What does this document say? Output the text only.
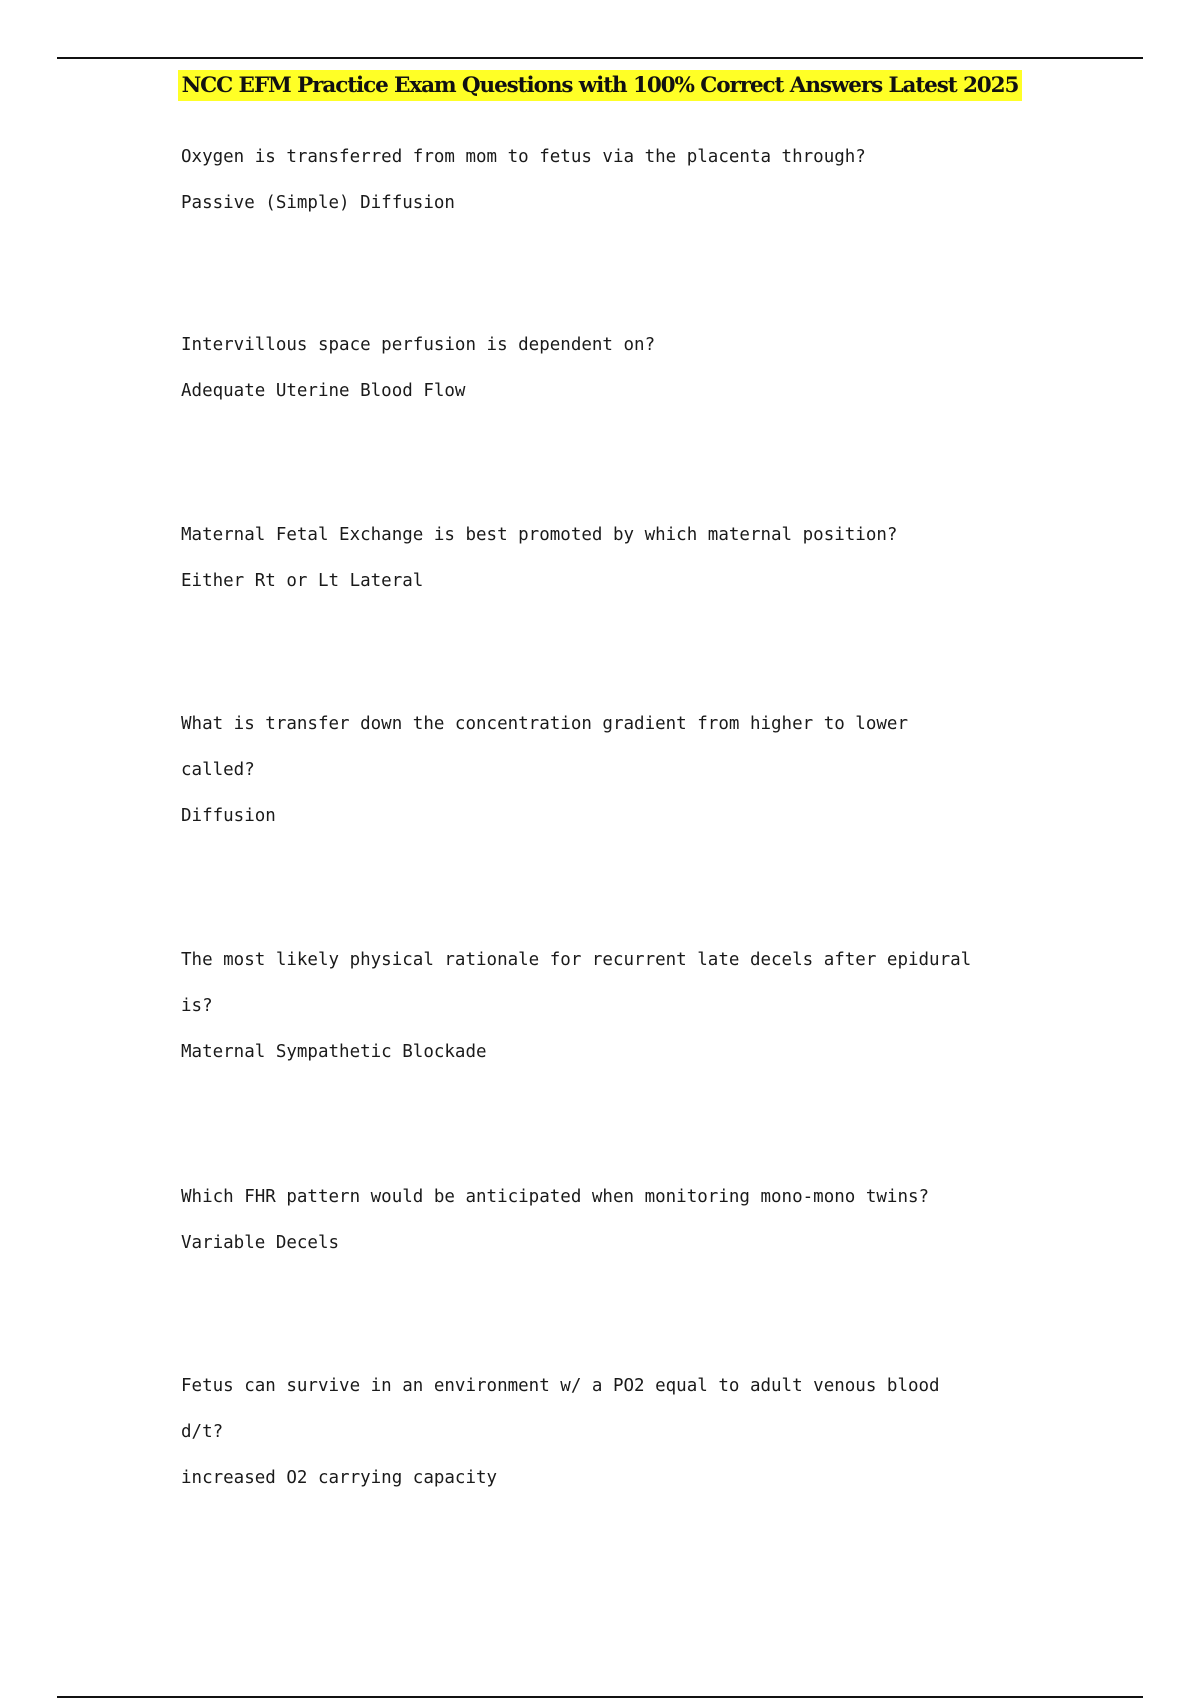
NCC EFM Practice Exam Questions with 100% Correct Answers Latest 2025
Oxygen is transferred from mom to fetus via the placenta through?
Passive (Simple) Diffusion
Intervillous space perfusion is dependent on?
Adequate Uterine Blood Flow
Maternal Fetal Exchange is best promoted by which maternal position?
Either Rt or Lt Lateral
What is transfer down the concentration gradient from higher to lower
called?
Diffusion
The most likely physical rationale for recurrent late decels after epidural
is?
Maternal Sympathetic Blockade
Which FHR pattern would be anticipated when monitoring mono-mono twins?
Variable Decels
Fetus can survive in an environment w/ a PO2 equal to adult venous blood
d/t?
increased O2 carrying capacity
